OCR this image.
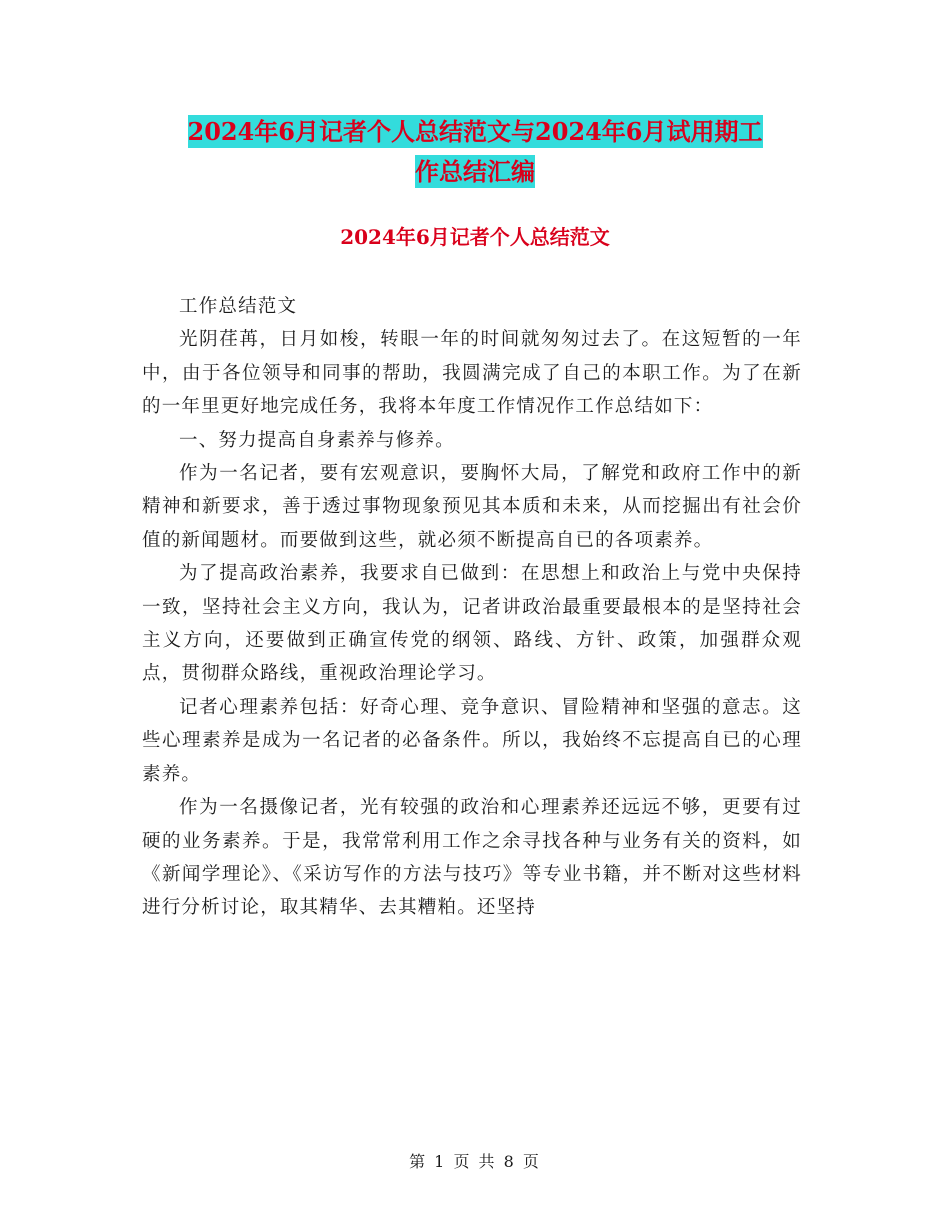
2024年6月记者个人总结范文与2024年6月试用期工
作总结汇编
2024年6月记者个人总结范文

工作总结范文

光阴荏苒，日月如梭，转眼一年的时间就匆匆过去了。在这短暂的一年中，由于各位领导和同事的帮助，我圆满完成了自己的本职工作。为了在新的一年里更好地完成任务，我将本年度工作情况作工作总结如下：

一、努力提高自身素养与修养。

作为一名记者，要有宏观意识，要胸怀大局，了解党和政府工作中的新精神和新要求，善于透过事物现象预见其本质和未来，从而挖掘出有社会价值的新闻题材。而要做到这些，就必须不断提高自已的各项素养。

为了提高政治素养，我要求自已做到：在思想上和政治上与党中央保持一致，坚持社会主义方向，我认为，记者讲政治最重要最根本的是坚持社会主义方向，还要做到正确宣传党的纲领、路线、方针、政策，加强群众观点，贯彻群众路线，重视政治理论学习。

记者心理素养包括：好奇心理、竞争意识、冒险精神和坚强的意志。这些心理素养是成为一名记者的必备条件。所以，我始终不忘提高自已的心理素养。

作为一名摄像记者，光有较强的政治和心理素养还远远不够，更要有过硬的业务素养。于是，我常常利用工作之余寻找各种与业务有关的资料，如《新闻学理论》、《采访写作的方法与技巧》等专业书籍，并不断对这些材料进行分析讨论，取其精华、去其糟粕。还坚持

第 1 页 共 8 页
